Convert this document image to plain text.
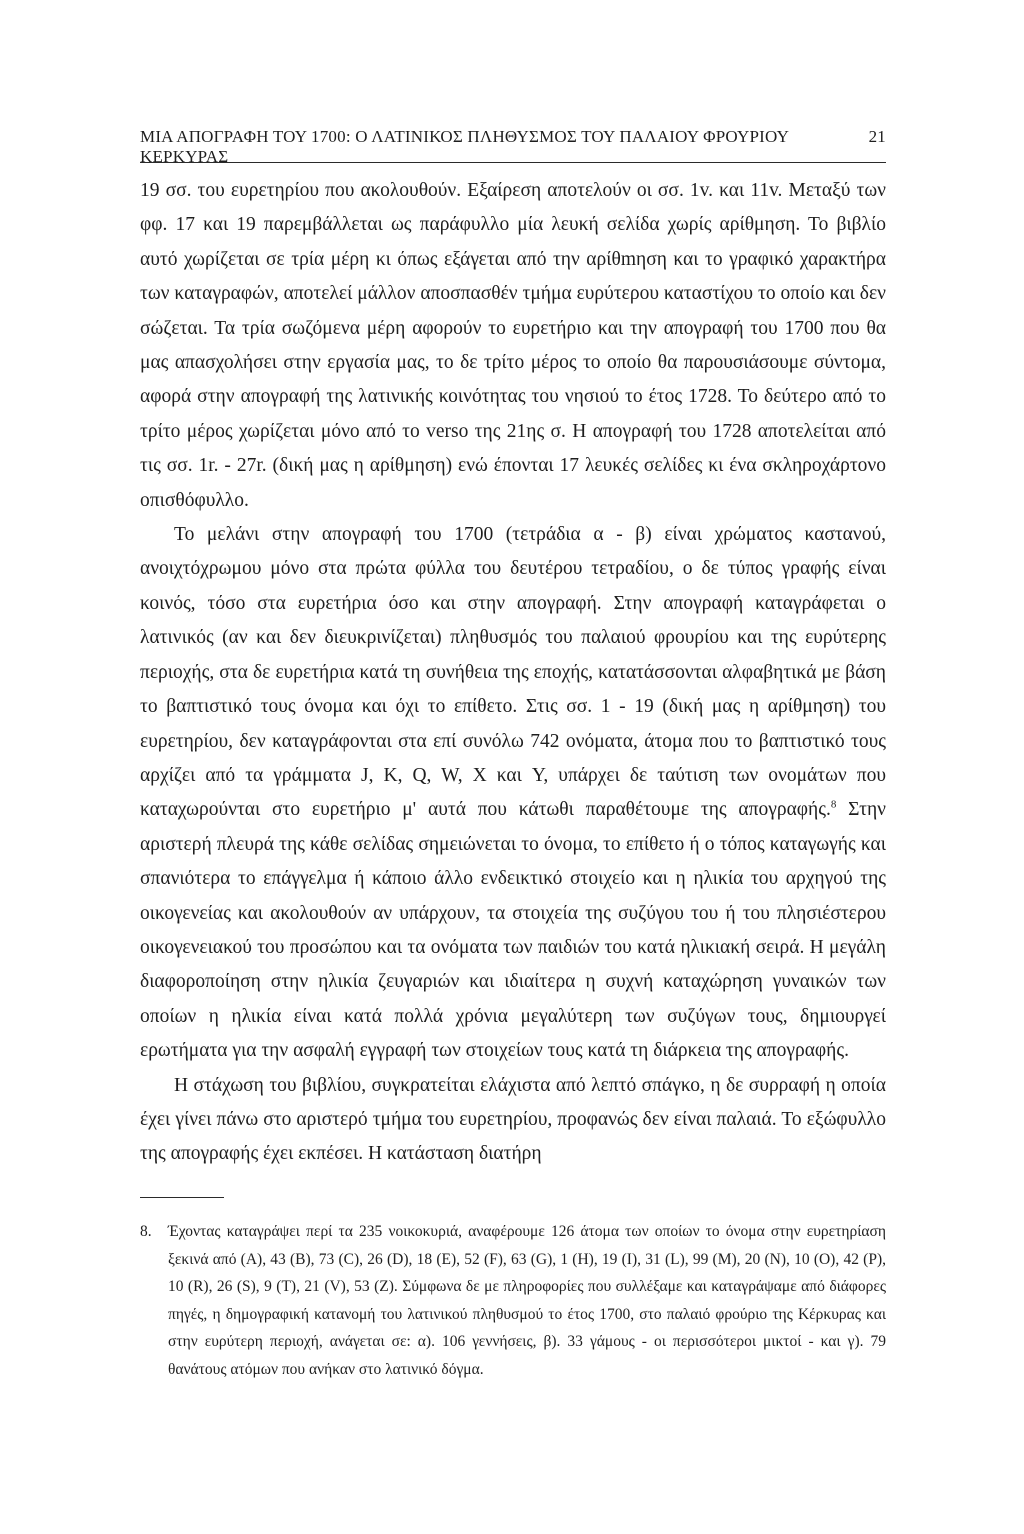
ΜΙΑ ΑΠΟΓΡΑΦΗ ΤΟΥ 1700: Ο ΛΑΤΙΝΙΚΟΣ ΠΛΗΘΥΣΜΟΣ ΤΟΥ ΠΑΛΑΙΟΥ ΦΡΟΥΡΙΟΥ ΚΕΡΚΥΡΑΣ
21

19 σσ. του ευρετηρίου που ακολουθούν. Εξαίρεση αποτελούν οι σσ. 1v. και 11v. Μεταξύ των φφ. 17 και 19 παρεμβάλλεται ως παράφυλλο μία λευκή σελίδα χωρίς αρίθμηση. Το βιβλίο αυτό χωρίζεται σε τρία μέρη κι όπως εξάγεται από την αρίθmηση και το γραφικό χαρακτήρα των καταγραφών, αποτελεί μάλλον αποσπασθέν τμήμα ευρύτερου καταστίχου το οποίο και δεν σώζεται. Τα τρία σωζόμενα μέρη αφορούν το ευρετήριο και την απογραφή του 1700 που θα μας απασχολήσει στην εργασία μας, το δε τρίτο μέρος το οποίο θα παρουσιάσουμε σύντομα, αφορά στην απογραφή της λατινικής κοινότητας του νησιού το έτος 1728. Το δεύτερο από το τρίτο μέρος χωρίζεται μόνο από το verso της 21ης σ. Η απογραφή του 1728 αποτελείται από τις σσ. 1r. - 27r. (δική μας η αρίθμηση) ενώ έπονται 17 λευκές σελίδες κι ένα σκληροχάρτονο οπισθόφυλλο.

Το μελάνι στην απογραφή του 1700 (τετράδια α - β) είναι χρώματος καστανού, ανοιχτόχρωμου μόνο στα πρώτα φύλλα του δευτέρου τετραδίου, ο δε τύπος γραφής είναι κοινός, τόσο στα ευρετήρια όσο και στην απογραφή. Στην απογραφή καταγράφεται ο λατινικός (αν και δεν διευκρινίζεται) πληθυσμός του παλαιού φρουρίου και της ευρύτερης περιοχής, στα δε ευρετήρια κατά τη συνήθεια της εποχής, κατατάσσονται αλφαβητικά με βάση το βαπτιστικό τους όνομα και όχι το επίθετο. Στις σσ. 1 - 19 (δική μας η αρίθμηση) του ευρετηρίου, δεν καταγράφονται στα επί συνόλω 742 ονόματα, άτομα που το βαπτιστικό τους αρχίζει από τα γράμματα J, K, Q, W, X και Y, υπάρχει δε ταύτιση των ονομάτων που καταχωρούνται στο ευρετήριο μ' αυτά που κάτωθι παραθέτουμε της απογραφής.$^8$ Στην αριστερή πλευρά της κάθε σελίδας σημειώνεται το όνομα, το επίθετο ή ο τόπος καταγωγής και σπανιότερα το επάγγελμα ή κάποιο άλλο ενδεικτικό στοιχείο και η ηλικία του αρχηγού της οικογενείας και ακολουθούν αν υπάρχουν, τα στοιχεία της συζύγου του ή του πλησιέστερου οικογενειακού του προσώπου και τα ονόματα των παιδιών του κατά ηλικιακή σειρά. Η μεγάλη διαφοροποίηση στην ηλικία ζευγαριών και ιδιαίτερα η συχνή καταχώρηση γυναικών των οποίων η ηλικία είναι κατά πολλά χρόνια μεγαλύτερη των συζύγων τους, δημιουργεί ερωτήματα για την ασφαλή εγγραφή των στοιχείων τους κατά τη διάρκεια της απογραφής.

Η στάχωση του βιβλίου, συγκρατείται ελάχιστα από λεπτό σπάγκο, η δε συρραφή η οποία έχει γίνει πάνω στο αριστερό τμήμα του ευρετηρίου, προφανώς δεν είναι παλαιά. Το εξώφυλλο της απογραφής έχει εκπέσει. Η κατάσταση διατήρη

8.	Έχοντας καταγράψει περί τα 235 νοικοκυριά, αναφέρουμε 126 άτομα των οποίων το όνομα στην ευρετηρίαση ξεκινά από (A), 43 (B), 73 (C), 26 (D), 18 (E), 52 (F), 63 (G), 1 (H), 19 (I), 31 (L), 99 (M), 20 (N), 10 (O), 42 (P), 10 (R), 26 (S), 9 (T), 21 (V), 53 (Z). Σύμφωνα δε με πληροφορίες που συλλέξαμε και καταγράψαμε από διάφορες πηγές, η δημογραφική κατανομή του λατινικού πληθυσμού το έτος 1700, στο παλαιό φρούριο της Κέρκυρας και στην ευρύτερη περιοχή, ανάγεται σε: α). 106 γεννήσεις, β). 33 γάμους - οι περισσότεροι μικτοί - και γ). 79 θανάτους ατόμων που ανήκαν στο λατινικό δόγμα.
